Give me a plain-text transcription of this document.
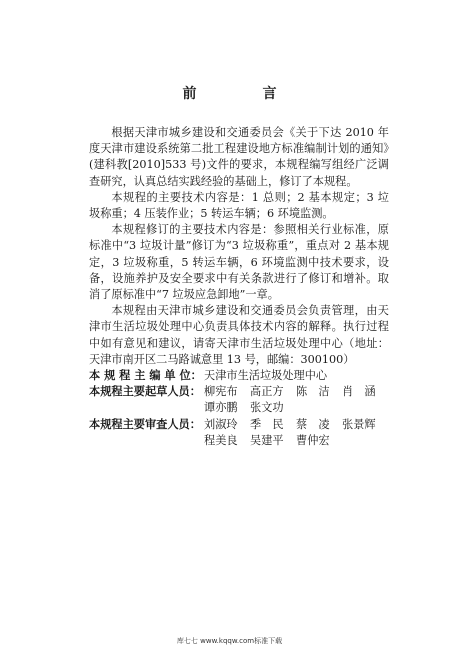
前　言

根据天津市城乡建设和交通委员会《关于下达 2010 年度天津市建设系统第二批工程建设地方标准编制计划的通知》(建科教[2010]533 号)文件的要求，本规程编写组经广泛调查研究，认真总结实践经验的基础上，修订了本规程。

本规程的主要技术内容是：1 总则；2 基本规定；3 垃圾称重；4 压装作业；5 转运车辆；6 环境监测。

本规程修订的主要技术内容是：参照相关行业标准，原标准中“3 垃圾计量”修订为“3 垃圾称重”，重点对 2 基本规定，3 垃圾称重，5 转运车辆，6 环境监测中技术要求，设备，设施养护及安全要求中有关条款进行了修订和增补。取消了原标准中“7 垃圾应急卸地”一章。

本规程由天津市城乡建设和交通委员会负责管理，由天津市生活垃圾处理中心负责具体技术内容的解释。执行过程中如有意见和建议，请寄天津市生活垃圾处理中心（地址：天津市南开区二马路诚意里 13 号，邮编：300100）

本 规 程 主 编 单 位： 天津市生活垃圾处理中心
本规程主要起草人员： 柳宪布	高正方	陈　洁	肖　涵
谭亦鹏	张文功
本规程主要审查人员： 刘淑玲	季　民	蔡　凌	张景辉
程美良	吴建平	曹仲宏
库七七 www.kqqw.com标准下载
